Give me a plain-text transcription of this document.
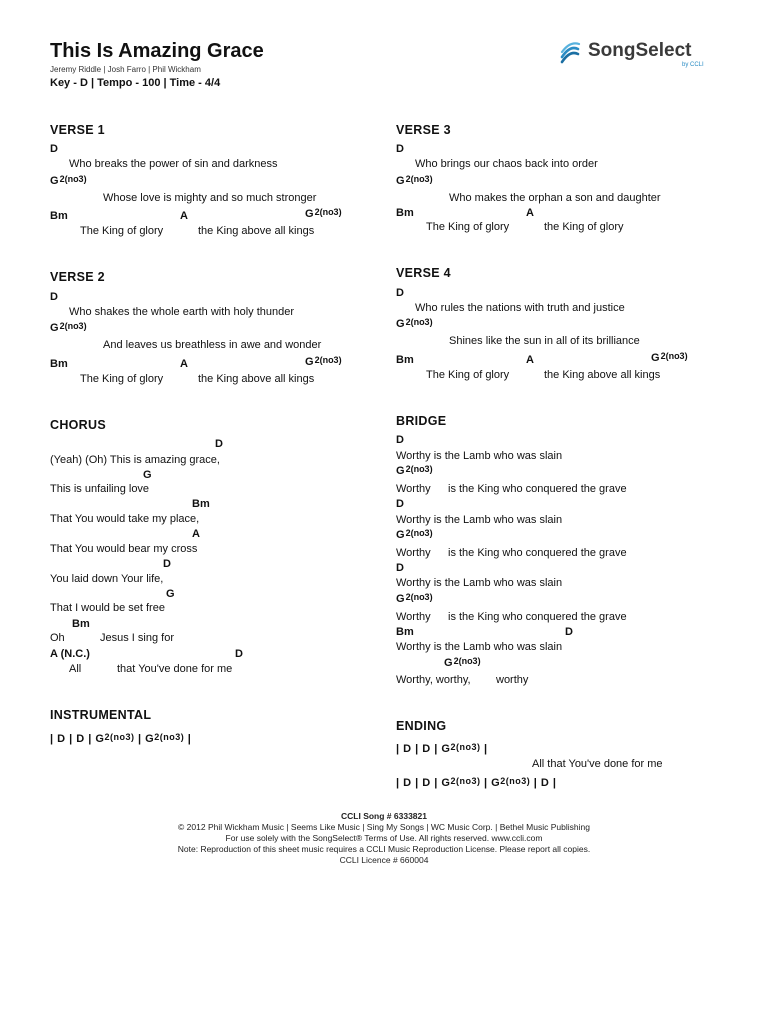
This Is Amazing Grace
Jeremy Riddle | Josh Farro | Phil Wickham
Key - D | Tempo - 100 | Time - 4/4
SongSelect
by CCLI
VERSE 1
D
Who breaks the power of sin and darkness
$G^{2(no3)}$
Whose love is mighty and so much stronger
Bm	A	$G^{2(no3)}$
The King of glory	the King above all kings
VERSE 2
D
Who shakes the whole earth with holy thunder
$G^{2(no3)}$
And leaves us breathless in awe and wonder
Bm	A	$G^{2(no3)}$
The King of glory	the King above all kings
CHORUS
D
(Yeah) (Oh) This is amazing grace,
G
This is unfailing love
Bm
That You would take my place,
A
That You would bear my cross
D
You laid down Your life,
G
That I would be set free
Bm
Oh	Jesus I sing for
A (N.C.)	D
All	that You've done for me
INSTRUMENTAL
| D | D | $G^{2(no3)}$ | $G^{2(no3)}$ |
VERSE 3
D
Who brings our chaos back into order
$G^{2(no3)}$
Who makes the orphan a son and daughter
Bm	A
The King of glory	the King of glory
VERSE 4
D
Who rules the nations with truth and justice
$G^{2(no3)}$
Shines like the sun in all of its brilliance
Bm	A	$G^{2(no3)}$
The King of glory	the King above all kings
BRIDGE
D
Worthy is the Lamb who was slain
$G^{2(no3)}$
Worthy is the King who conquered the grave
D
Worthy is the Lamb who was slain
$G^{2(no3)}$
Worthy is the King who conquered the grave
D
Worthy is the Lamb who was slain
$G^{2(no3)}$
Worthy is the King who conquered the grave
Bm	D
Worthy is the Lamb who was slain
$G^{2(no3)}$
Worthy, worthy, worthy
ENDING
| D | D | $G^{2(no3)}$ |
All that You've done for me
| D | D | $G^{2(no3)}$ | $G^{2(no3)}$ | D |
CCLI Song # 6333821
© 2012 Phil Wickham Music | Seems Like Music | Sing My Songs | WC Music Corp. | Bethel Music Publishing
For use solely with the SongSelect® Terms of Use. All rights reserved. www.ccli.com
Note: Reproduction of this sheet music requires a CCLI Music Reproduction License. Please report all copies.
CCLI Licence # 660004
